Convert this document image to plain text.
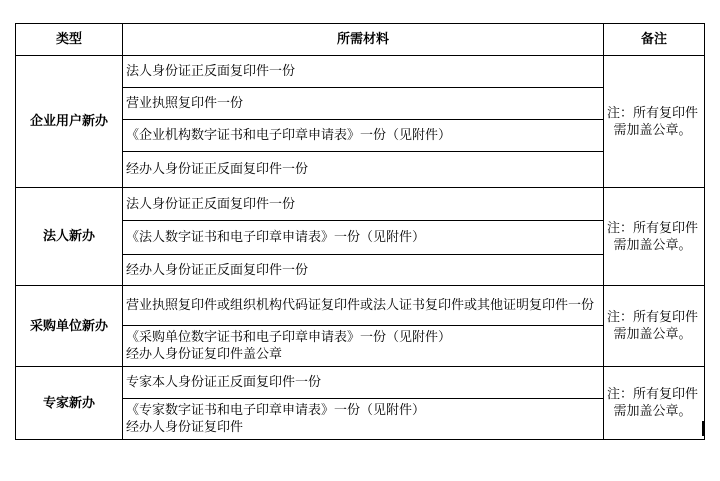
类型	所需材料	备注
企业用户新办	法人身份证正反面复印件一份	注：所有复印件
需加盖公章。
	营业执照复印件一份	
	《企业机构数字证书和电子印章申请表》一份（见附件）	
	经办人身份证正反面复印件一份	
法人新办	法人身份证正反面复印件一份	注：所有复印件
需加盖公章。
	《法人数字证书和电子印章申请表》一份（见附件）	
	经办人身份证正反面复印件一份	
采购单位新办	营业执照复印件或组织机构代码证复印件或法人证书复印件或其他证明复印件一份	注：所有复印件
需加盖公章。
	《采购单位数字证书和电子印章申请表》一份（见附件）
经办人身份证复印件盖公章	
专家新办	专家本人身份证正反面复印件一份	注：所有复印件
需加盖公章。
	《专家数字证书和电子印章申请表》一份（见附件）
经办人身份证复印件	
